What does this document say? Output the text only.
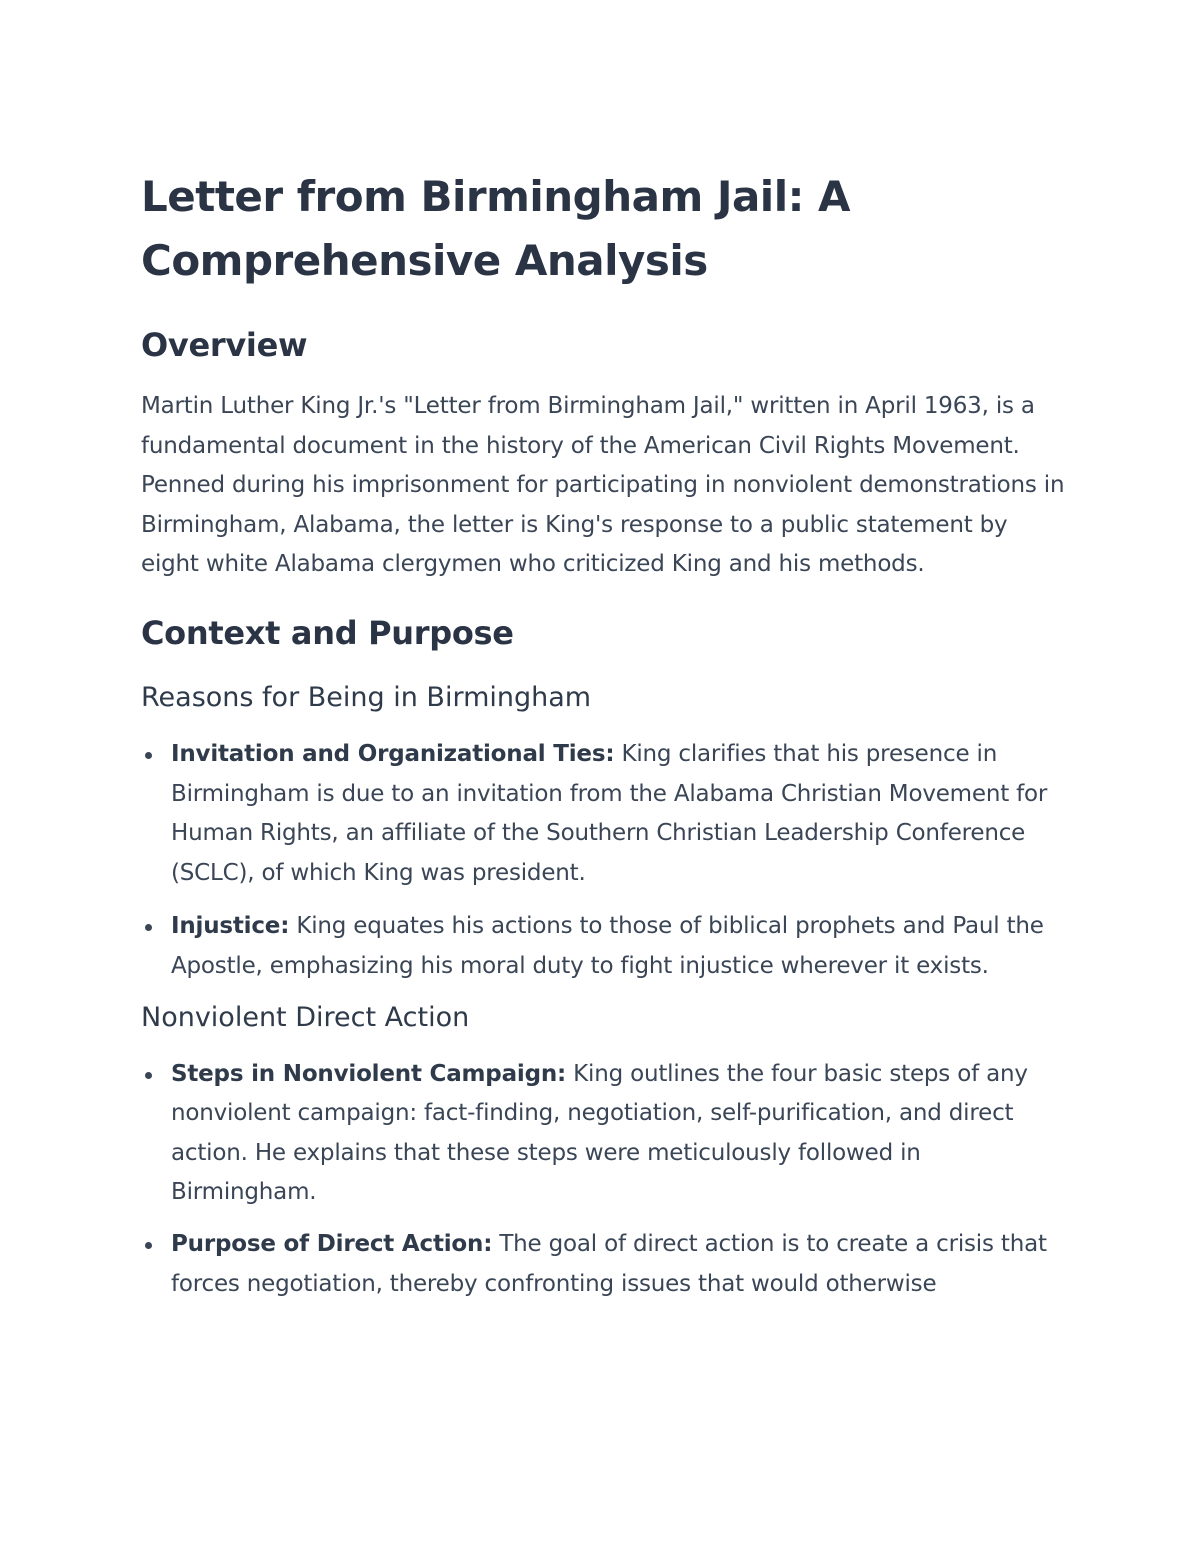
Letter from Birmingham Jail: A Comprehensive Analysis
Overview

Martin Luther King Jr.'s "Letter from Birmingham Jail," written in April 1963, is a fundamental document in the history of the American Civil Rights Movement. Penned during his imprisonment for participating in nonviolent demonstrations in Birmingham, Alabama, the letter is King's response to a public statement by eight white Alabama clergymen who criticized King and his methods.

Context and Purpose
Reasons for Being in Birmingham
Invitation and Organizational Ties: King clarifies that his presence in Birmingham is due to an invitation from the Alabama Christian Movement for Human Rights, an affiliate of the Southern Christian Leadership Conference (SCLC), of which King was president.
Injustice: King equates his actions to those of biblical prophets and Paul the Apostle, emphasizing his moral duty to fight injustice wherever it exists.
Nonviolent Direct Action
Steps in Nonviolent Campaign: King outlines the four basic steps of any nonviolent campaign: fact-finding, negotiation, self-purification, and direct action. He explains that these steps were meticulously followed in Birmingham.
Purpose of Direct Action: The goal of direct action is to create a crisis that forces negotiation, thereby confronting issues that would otherwise
